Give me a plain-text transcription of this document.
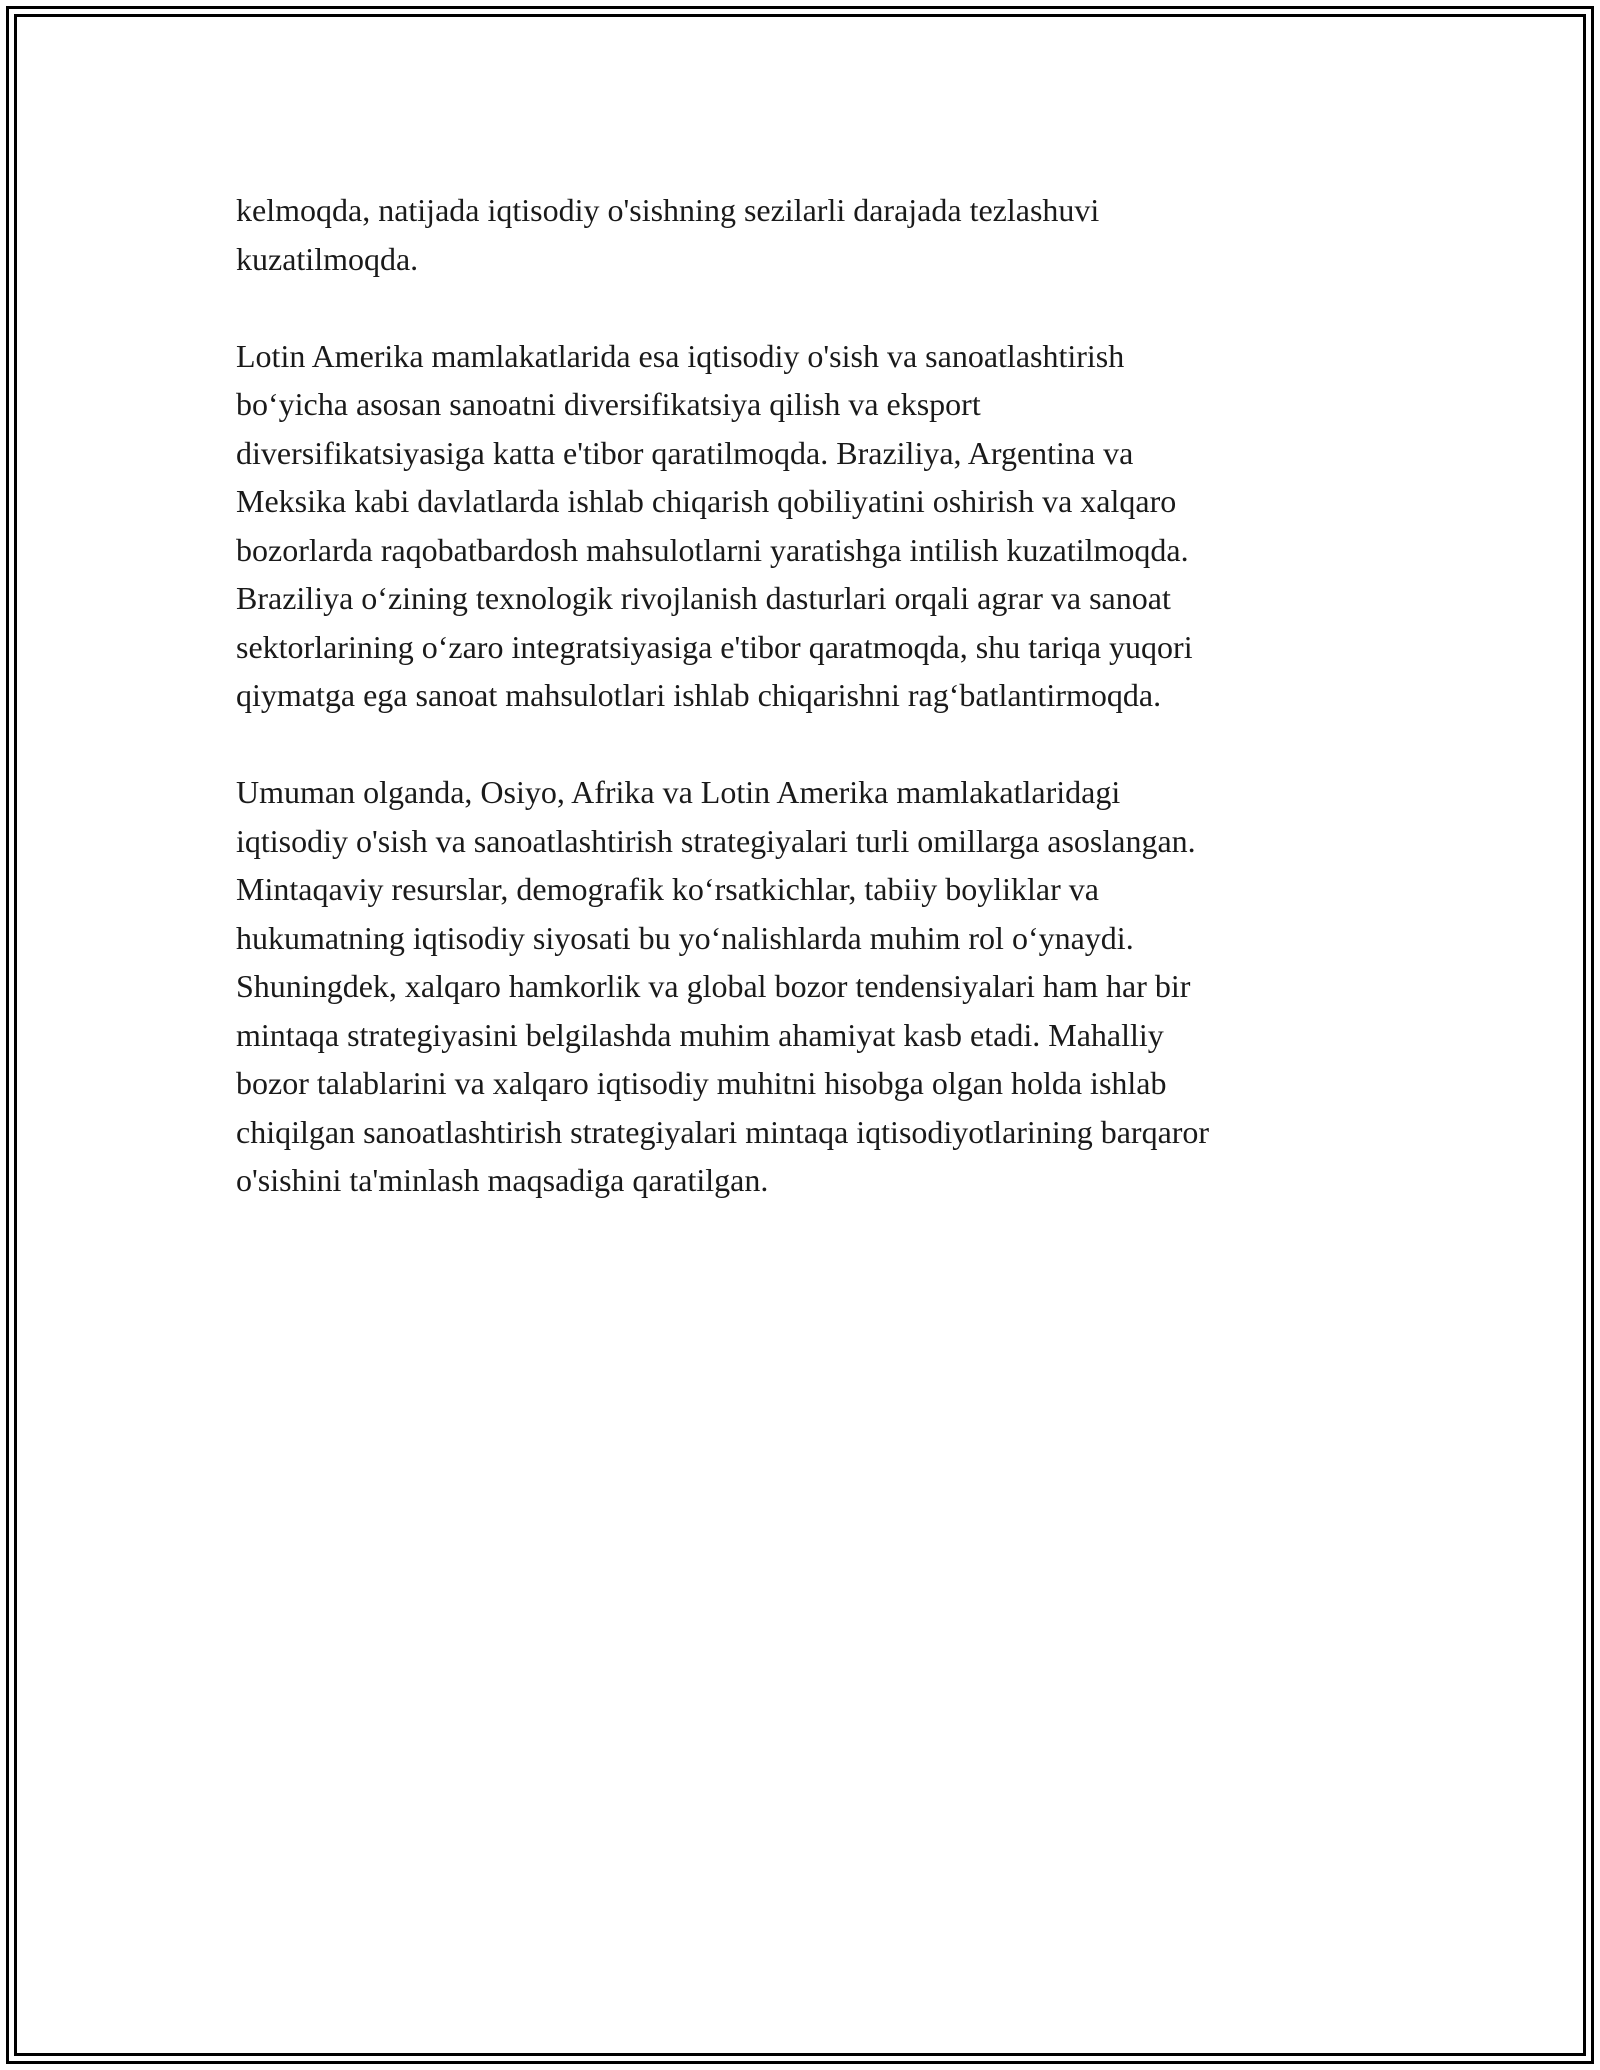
kelmoqda, natijada iqtisodiy o'sishning sezilarli darajada tezlashuvi
kuzatilmoqda.

Lotin Amerika mamlakatlarida esa iqtisodiy o'sish va sanoatlashtirish
bo‘yicha asosan sanoatni diversifikatsiya qilish va eksport
diversifikatsiyasiga katta e'tibor qaratilmoqda. Braziliya, Argentina va
Meksika kabi davlatlarda ishlab chiqarish qobiliyatini oshirish va xalqaro
bozorlarda raqobatbardosh mahsulotlarni yaratishga intilish kuzatilmoqda.
Braziliya o‘zining texnologik rivojlanish dasturlari orqali agrar va sanoat
sektorlarining o‘zaro integratsiyasiga e'tibor qaratmoqda, shu tariqa yuqori
qiymatga ega sanoat mahsulotlari ishlab chiqarishni rag‘batlantirmoqda.

Umuman olganda, Osiyo, Afrika va Lotin Amerika mamlakatlaridagi
iqtisodiy o'sish va sanoatlashtirish strategiyalari turli omillarga asoslangan.
Mintaqaviy resurslar, demografik ko‘rsatkichlar, tabiiy boyliklar va
hukumatning iqtisodiy siyosati bu yo‘nalishlarda muhim rol o‘ynaydi.
Shuningdek, xalqaro hamkorlik va global bozor tendensiyalari ham har bir
mintaqa strategiyasini belgilashda muhim ahamiyat kasb etadi. Mahalliy
bozor talablarini va xalqaro iqtisodiy muhitni hisobga olgan holda ishlab
chiqilgan sanoatlashtirish strategiyalari mintaqa iqtisodiyotlarining barqaror
o'sishini ta'minlash maqsadiga qaratilgan.
